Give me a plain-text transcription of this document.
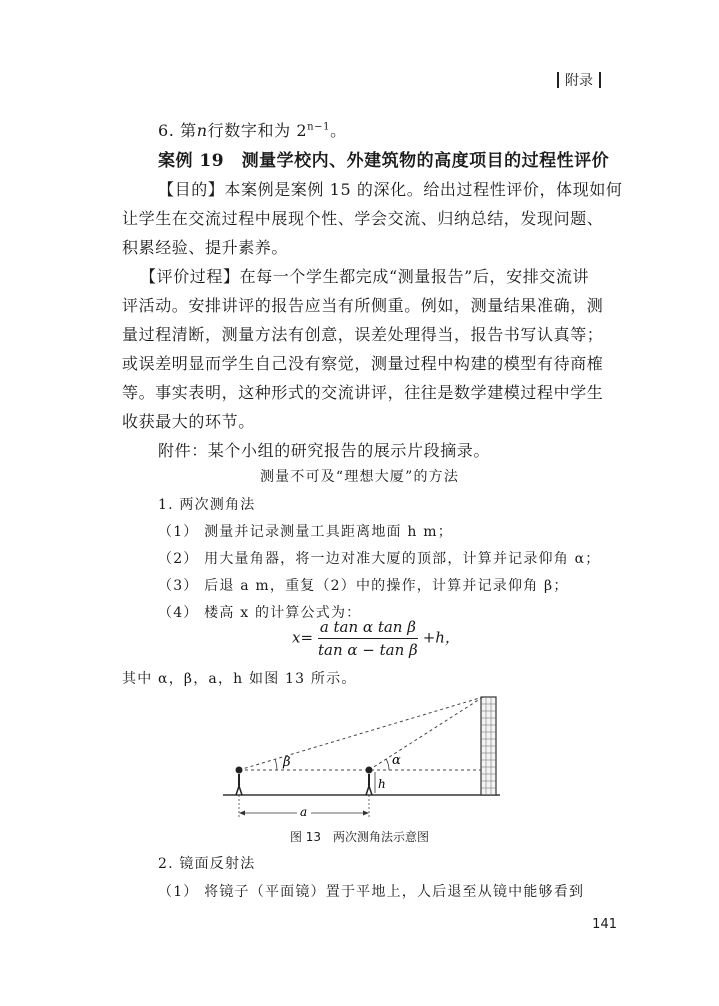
附录
6. 第n行数字和为 $2^{n-1}$。
案例 19　测量学校内、外建筑物的高度项目的过程性评价
【目的】本案例是案例 15 的深化。给出过程性评价，体现如何
让学生在交流过程中展现个性、学会交流、归纳总结，发现问题、
积累经验、提升素养。
【评价过程】在每一个学生都完成“测量报告”后，安排交流讲
评活动。安排讲评的报告应当有所侧重。例如，测量结果准确，测
量过程清断，测量方法有创意，误差处理得当，报告书写认真等；
或误差明显而学生自己没有察觉，测量过程中构建的模型有待商榷
等。事实表明，这种形式的交流讲评，往往是数学建模过程中学生
收获最大的环节。
附件：某个小组的研究报告的展示片段摘录。
测量不可及“理想大厦”的方法
1. 两次测角法
（1） 测量并记录测量工具距离地面 h m；
（2） 用大量角器，将一边对准大厦的顶部，计算并记录仰角 α；
（3） 后退 a m，重复（2）中的操作，计算并记录仰角 β；
（4） 楼高 x 的计算公式为：
$x= \frac{\text{a tan α tan β}}{\text{tan α − tan β}} +h$，
其中 α，β，a，h 如图 13 所示。
β	α
h
a
图 13　两次测角法示意图
2. 镜面反射法
（1） 将镜子（平面镜）置于平地上，人后退至从镜中能够看到
141
